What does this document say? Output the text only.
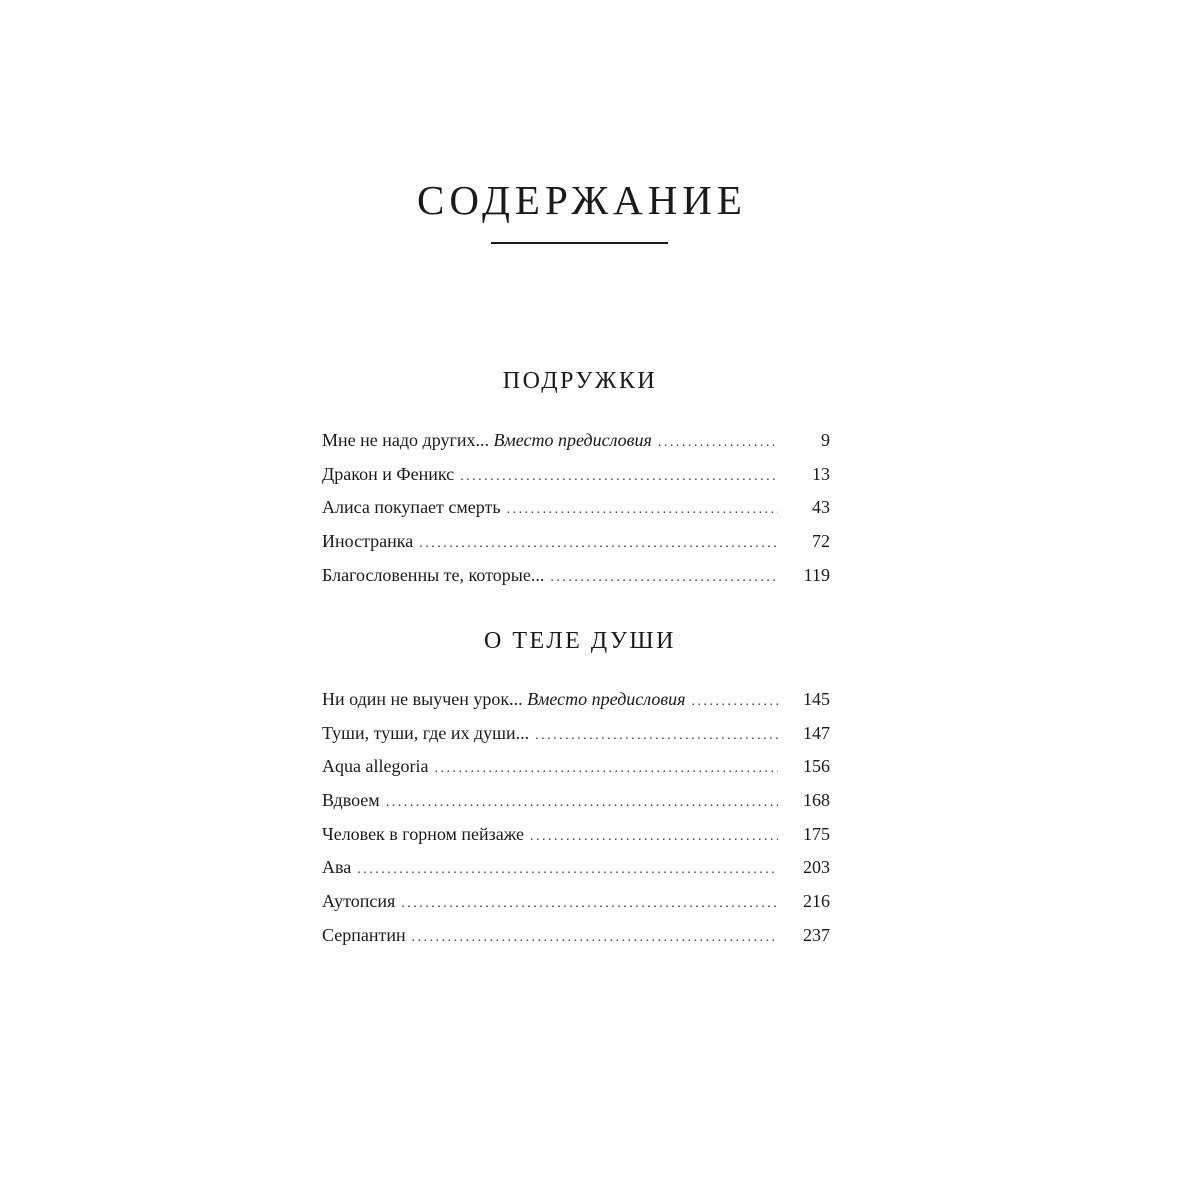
СОДЕРЖАНИЕ
ПОДРУЖКИ
Мне не надо других... Вместо предисловия . . .	9
Дракон и Феникс . . .	13
Алиса покупает смерть . . .	43
Иностранка . . .	72
Благословенны те, которые... . . .	119
О ТЕЛЕ ДУШИ
Ни один не выучен урок... Вместо предисловия . . .	145
Туши, туши, где их души... . . .	147
Aqua allegoria . . .	156
Вдвоем . . .	168
Человек в горном пейзаже . . .	175
Ава . . .	203
Аутопсия . . .	216
Серпантин . . .	237
